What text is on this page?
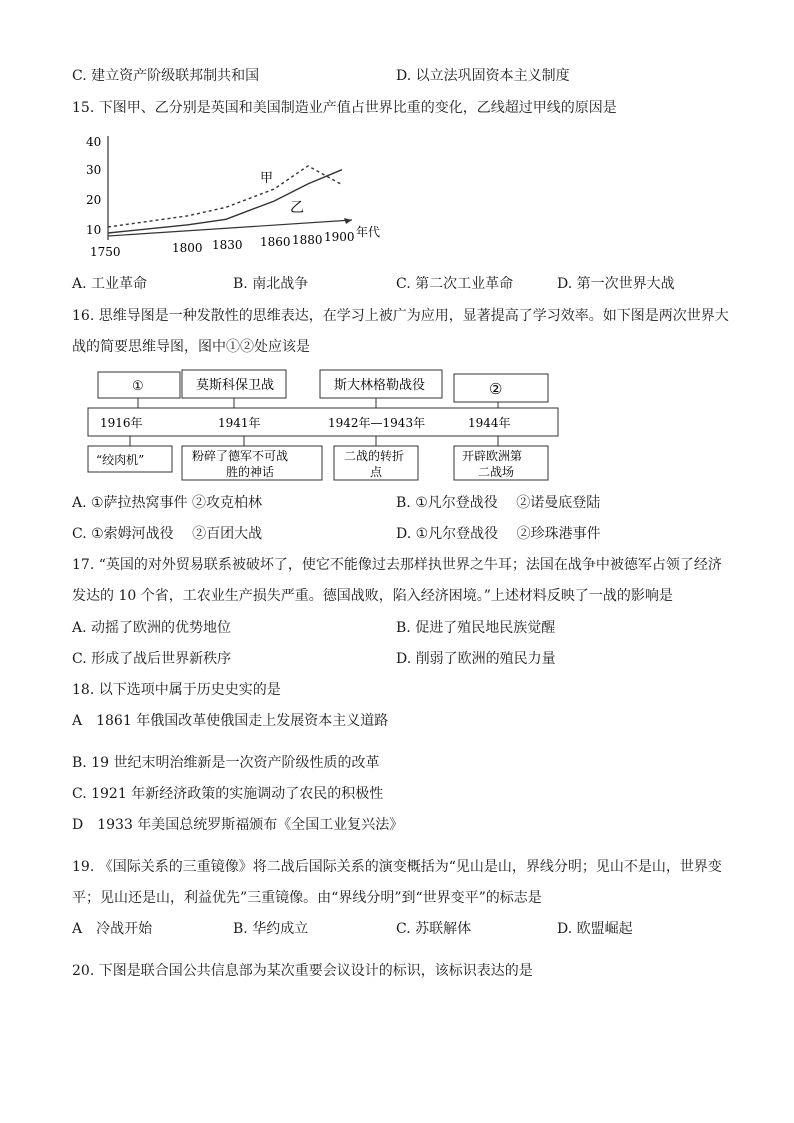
C. 建立资产阶级联邦制共和国	D. 以立法巩固资本主义制度
15. 下图甲、乙分别是英国和美国制造业产值占世界比重的变化，乙线超过甲线的原因是
40
30
20
10
1750	1800 1830 1860 1880 1900 年代
甲
乙
A. 工业革命	B. 南北战争	C. 第二次工业革命	D. 第一次世界大战
16. 思维导图是一种发散性的思维表达，在学习上被广为应用，显著提高了学习效率。如下图是两次世界大
战的简要思维导图，图中①②处应该是
①	莫斯科保卫战	斯大林格勒战役	②
1916年	1941年	1942年—1943年	1944年
“绞肉机”	粉碎了德军不可战
胜的神话
二战的转折
点
开辟欧洲第
二战场
A. ①萨拉热窝事件 ②攻克柏林	B. ①凡尔登战役　 ②诺曼底登陆
C. ①索姆河战役　 ②百团大战	D. ①凡尔登战役　 ②珍珠港事件
17. “英国的对外贸易联系被破坏了，使它不能像过去那样执世界之牛耳；法国在战争中被德军占领了经济
发达的 10 个省，工农业生产损失严重。德国战败，陷入经济困境。”上述材料反映了一战的影响是
A. 动摇了欧洲的优势地位	B. 促进了殖民地民族觉醒
C. 形成了战后世界新秩序	D. 削弱了欧洲的殖民力量
18. 以下选项中属于历史史实的是
A　1861 年俄国改革使俄国走上发展资本主义道路
B. 19 世纪末明治维新是一次资产阶级性质的改革
C. 1921 年新经济政策的实施调动了农民的积极性
D　1933 年美国总统罗斯福颁布《全国工业复兴法》
19. 《国际关系的三重镜像》将二战后国际关系的演变概括为“见山是山，界线分明；见山不是山，世界变
平；见山还是山，利益优先”三重镜像。由“界线分明”到“世界变平”的标志是
A　冷战开始	B. 华约成立	C. 苏联解体	D. 欧盟崛起
20. 下图是联合国公共信息部为某次重要会议设计的标识，该标识表达的是
